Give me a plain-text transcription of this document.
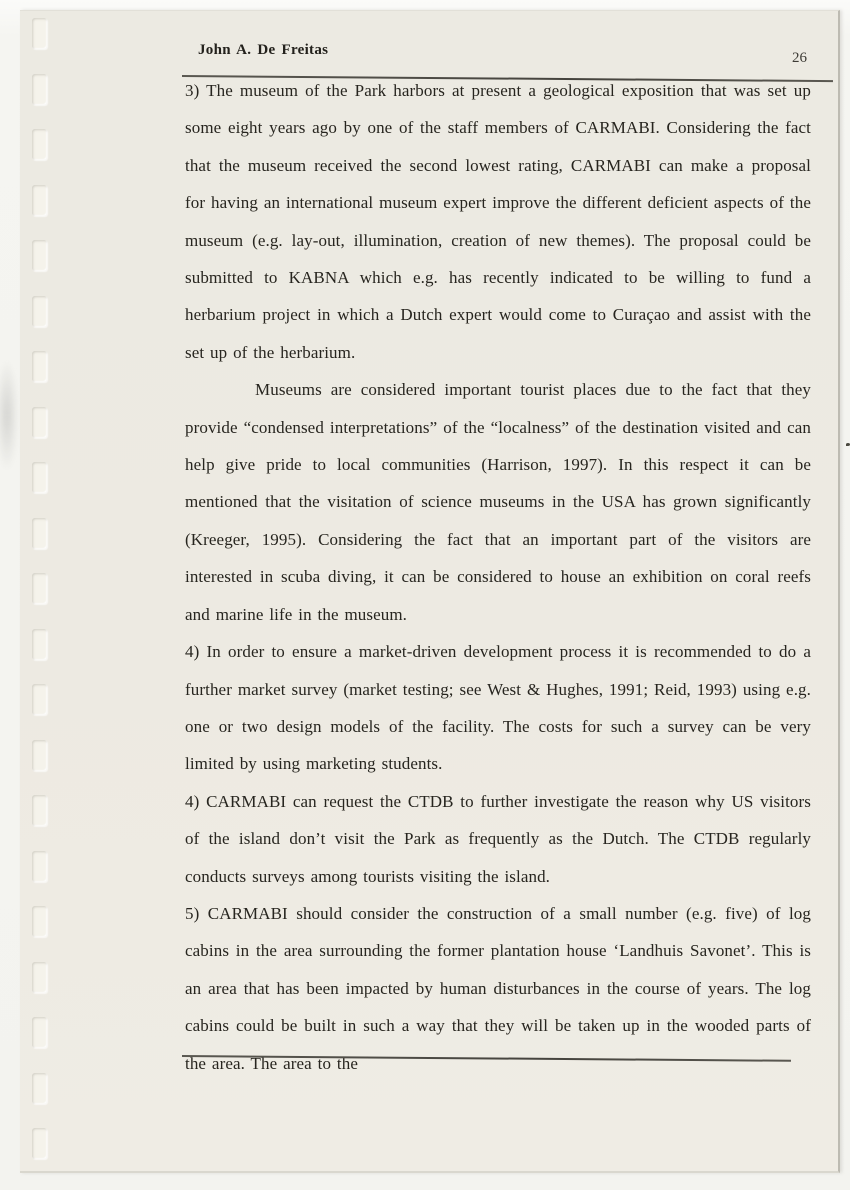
John A. De Freitas	26

3) The museum of the Park harbors at present a geological exposition that was set up some eight years ago by one of the staff members of CARMABI. Considering the fact that the museum received the second lowest rating, CARMABI can make a proposal for having an international museum expert improve the different deficient aspects of the museum (e.g. lay-out, illumination, creation of new themes). The proposal could be submitted to KABNA which e.g. has recently indicated to be willing to fund a herbarium project in which a Dutch expert would come to Curaçao and assist with the set up of the herbarium.

Museums are considered important tourist places due to the fact that they provide “condensed interpretations” of the “localness” of the destination visited and can help give pride to local communities (Harrison, 1997). In this respect it can be mentioned that the visitation of science museums in the USA has grown significantly (Kreeger, 1995). Considering the fact that an important part of the visitors are interested in scuba diving, it can be considered to house an exhibition on coral reefs and marine life in the museum.

4) In order to ensure a market-driven development process it is recommended to do a further market survey (market testing; see West & Hughes, 1991; Reid, 1993) using e.g. one or two design models of the facility. The costs for such a survey can be very limited by using marketing students.

4) CARMABI can request the CTDB to further investigate the reason why US visitors of the island don’t visit the Park as frequently as the Dutch. The CTDB regularly conducts surveys among tourists visiting the island.

5) CARMABI should consider the construction of a small number (e.g. five) of log cabins in the area surrounding the former plantation house ‘Landhuis Savonet’. This is an area that has been impacted by human disturbances in the course of years. The log cabins could be built in such a way that they will be taken up in the wooded parts of the area. The area to the
